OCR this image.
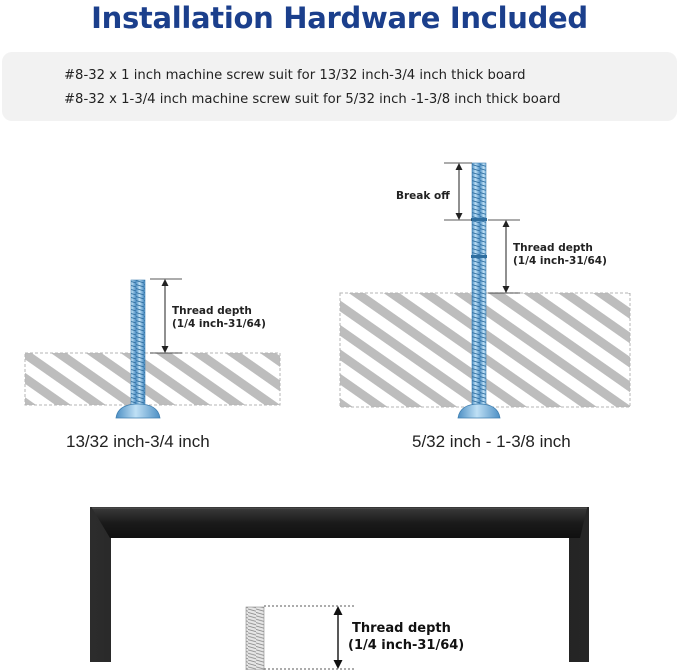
Installation Hardware Included
#8-32 x 1 inch machine screw suit for 13/32 inch-3/4 inch thick board
#8-32 x 1-3/4 inch machine screw suit for 5/32 inch -1-3/8 inch thick board
Thread depth
(1/4 inch-31/64)
13/32 inch-3/4 inch
Break off
Thread depth
(1/4 inch-31/64)
5/32 inch - 1-3/8 inch
Thread depth
(1/4 inch-31/64)
